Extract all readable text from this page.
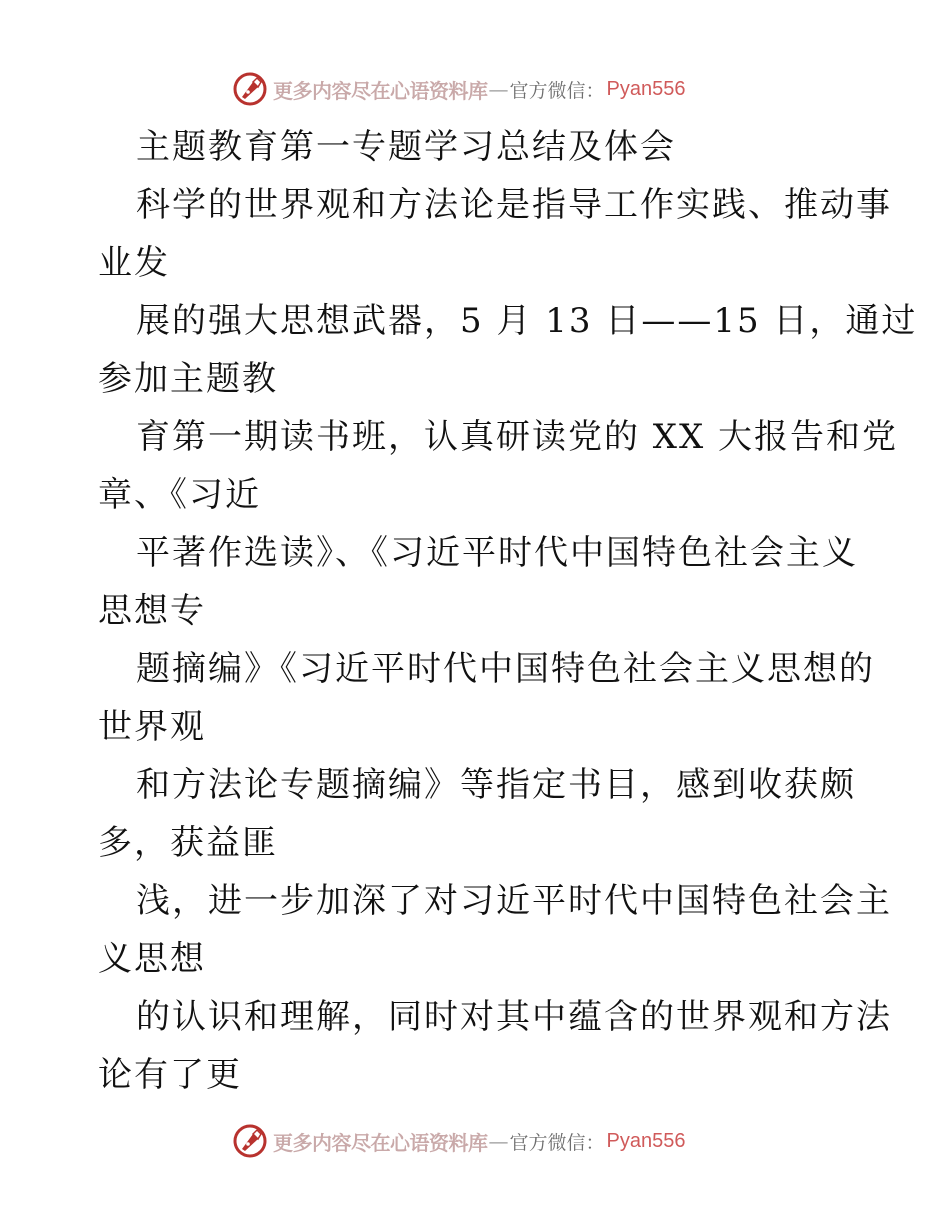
更多内容尽在心语资料库 — 官方微信： Pyan556
主题教育第一专题学习总结及体会
科学的世界观和方法论是指导工作实践、推动事
业发
展的强大思想武器，5 月 13 日——15 日，通过
参加主题教
育第一期读书班，认真研读党的 XX 大报告和党
章、《习近
平著作选读》、《习近平时代中国特色社会主义
思想专
题摘编》《习近平时代中国特色社会主义思想的
世界观
和方法论专题摘编》等指定书目，感到收获颇
多，获益匪
浅，进一步加深了对习近平时代中国特色社会主
义思想
的认识和理解，同时对其中蕴含的世界观和方法
论有了更
更多内容尽在心语资料库 — 官方微信： Pyan556
